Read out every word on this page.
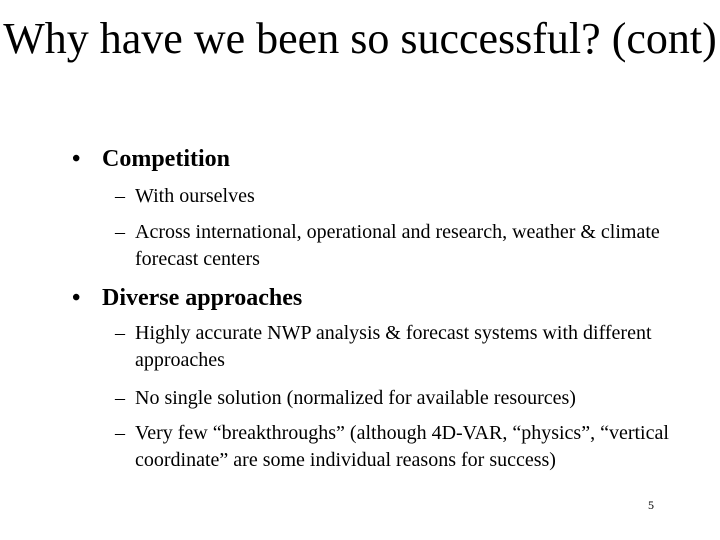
Why have we been so successful? (cont)
• Competition
– With ourselves
– Across international, operational and research, weather & climate forecast centers
• Diverse approaches
– Highly accurate NWP analysis & forecast systems with different approaches
– No single solution (normalized for available resources)
– Very few “breakthroughs” (although 4D-VAR, “physics”, “vertical coordinate” are some individual reasons for success)
5
